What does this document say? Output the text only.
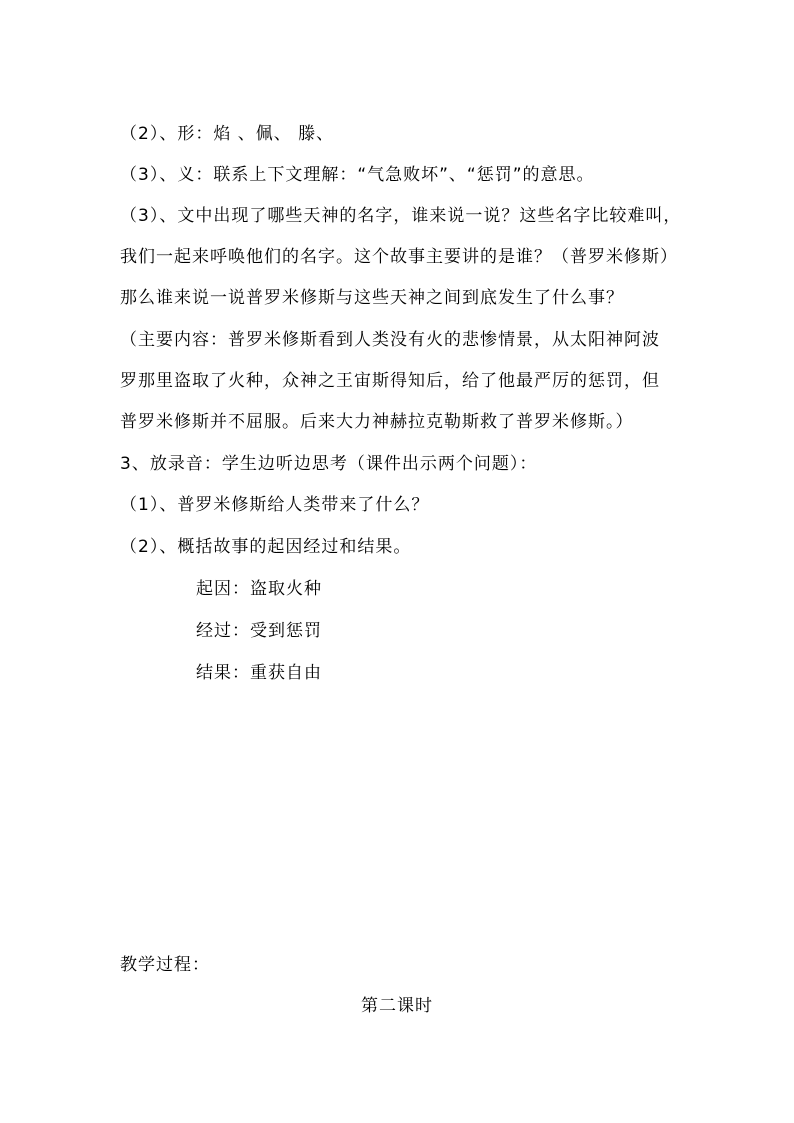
（2）、形：焰 、佩、 滕、
（3）、义：联系上下文理解：“气急败坏”、“惩罚”的意思。
（3）、文中出现了哪些天神的名字，谁来说一说？这些名字比较难叫，
我们一起来呼唤他们的名字。这个故事主要讲的是谁？（普罗米修斯）
那么谁来说一说普罗米修斯与这些天神之间到底发生了什么事？
（主要内容：普罗米修斯看到人类没有火的悲惨情景，从太阳神阿波
罗那里盗取了火种，众神之王宙斯得知后，给了他最严厉的惩罚，但
普罗米修斯并不屈服。后来大力神赫拉克勒斯救了普罗米修斯。）
3、放录音：学生边听边思考（课件出示两个问题）：
（1）、普罗米修斯给人类带来了什么？
（2）、概括故事的起因经过和结果。
起因：盗取火种
经过：受到惩罚
结果：重获自由
教学过程：
第二课时
